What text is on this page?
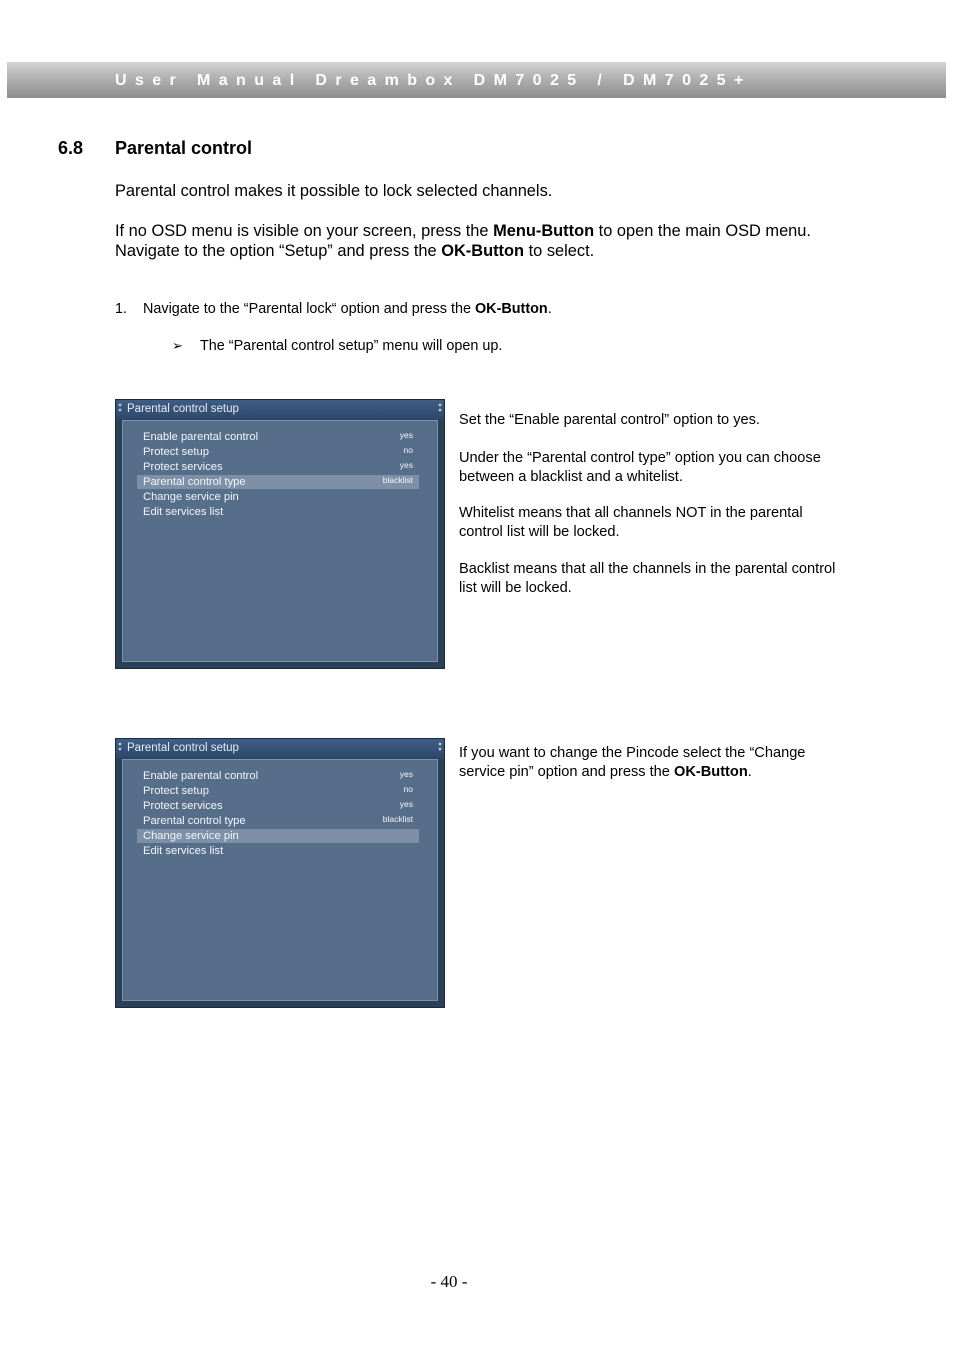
User Manual Dreambox DM7025 / DM7025+
6.8 Parental control
Parental control makes it possible to lock selected channels.
If no OSD menu is visible on your screen, press the Menu-Button to open the main OSD menu. Navigate to the option “Setup” and press the OK-Button to select.
1. Navigate to the “Parental lock“ option and press the OK-Button.
➢ The “Parental control setup” menu will open up.
Parental control setup
Enable parental control	yes
Protect setup	no
Protect services	yes
Parental control type	blacklist
Change service pin
Edit services list
Set the “Enable parental control” option to yes.
Under the “Parental control type” option you can choose between a blacklist and a whitelist.
Whitelist means that all channels NOT in the parental control list will be locked.
Backlist means that all the channels in the parental control list will be locked.
Parental control setup
Enable parental control	yes
Protect setup	no
Protect services	yes
Parental control type	blacklist
Change service pin
Edit services list
If you want to change the Pincode select the “Change service pin” option and press the OK-Button.
- 40 -
